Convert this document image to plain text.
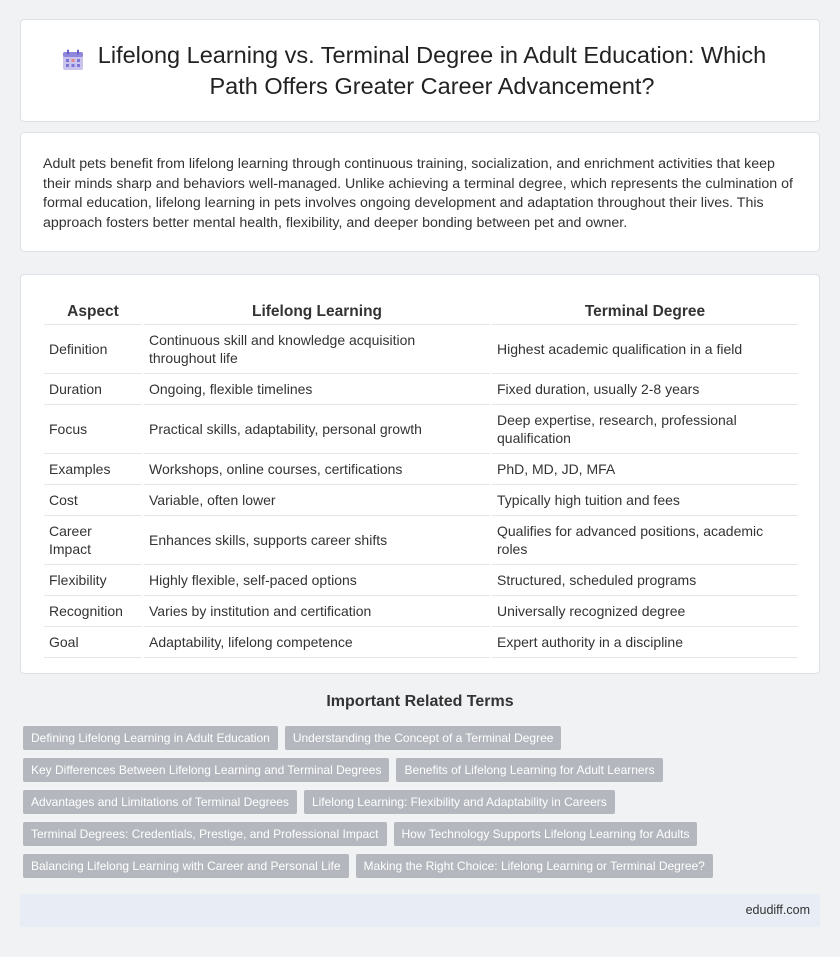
Lifelong Learning vs. Terminal Degree in Adult Education: Which Path Offers Greater Career Advancement?

Adult pets benefit from lifelong learning through continuous training, socialization, and enrichment activities that keep their minds sharp and behaviors well-managed. Unlike achieving a terminal degree, which represents the culmination of formal education, lifelong learning in pets involves ongoing development and adaptation throughout their lives. This approach fosters better mental health, flexibility, and deeper bonding between pet and owner.

Aspect	Lifelong Learning	Terminal Degree
Definition	Continuous skill and knowledge acquisition throughout life	Highest academic qualification in a field
Duration	Ongoing, flexible timelines	Fixed duration, usually 2-8 years
Focus	Practical skills, adaptability, personal growth	Deep expertise, research, professional qualification
Examples	Workshops, online courses, certifications	PhD, MD, JD, MFA
Cost	Variable, often lower	Typically high tuition and fees
Career Impact	Enhances skills, supports career shifts	Qualifies for advanced positions, academic roles
Flexibility	Highly flexible, self-paced options	Structured, scheduled programs
Recognition	Varies by institution and certification	Universally recognized degree
Goal	Adaptability, lifelong competence	Expert authority in a discipline
Important Related Terms
Defining Lifelong Learning in Adult Education	Understanding the Concept of a Terminal Degree
Key Differences Between Lifelong Learning and Terminal Degrees	Benefits of Lifelong Learning for Adult Learners
Advantages and Limitations of Terminal Degrees	Lifelong Learning: Flexibility and Adaptability in Careers
Terminal Degrees: Credentials, Prestige, and Professional Impact	How Technology Supports Lifelong Learning for Adults
Balancing Lifelong Learning with Career and Personal Life	Making the Right Choice: Lifelong Learning or Terminal Degree?
edudiff.com
